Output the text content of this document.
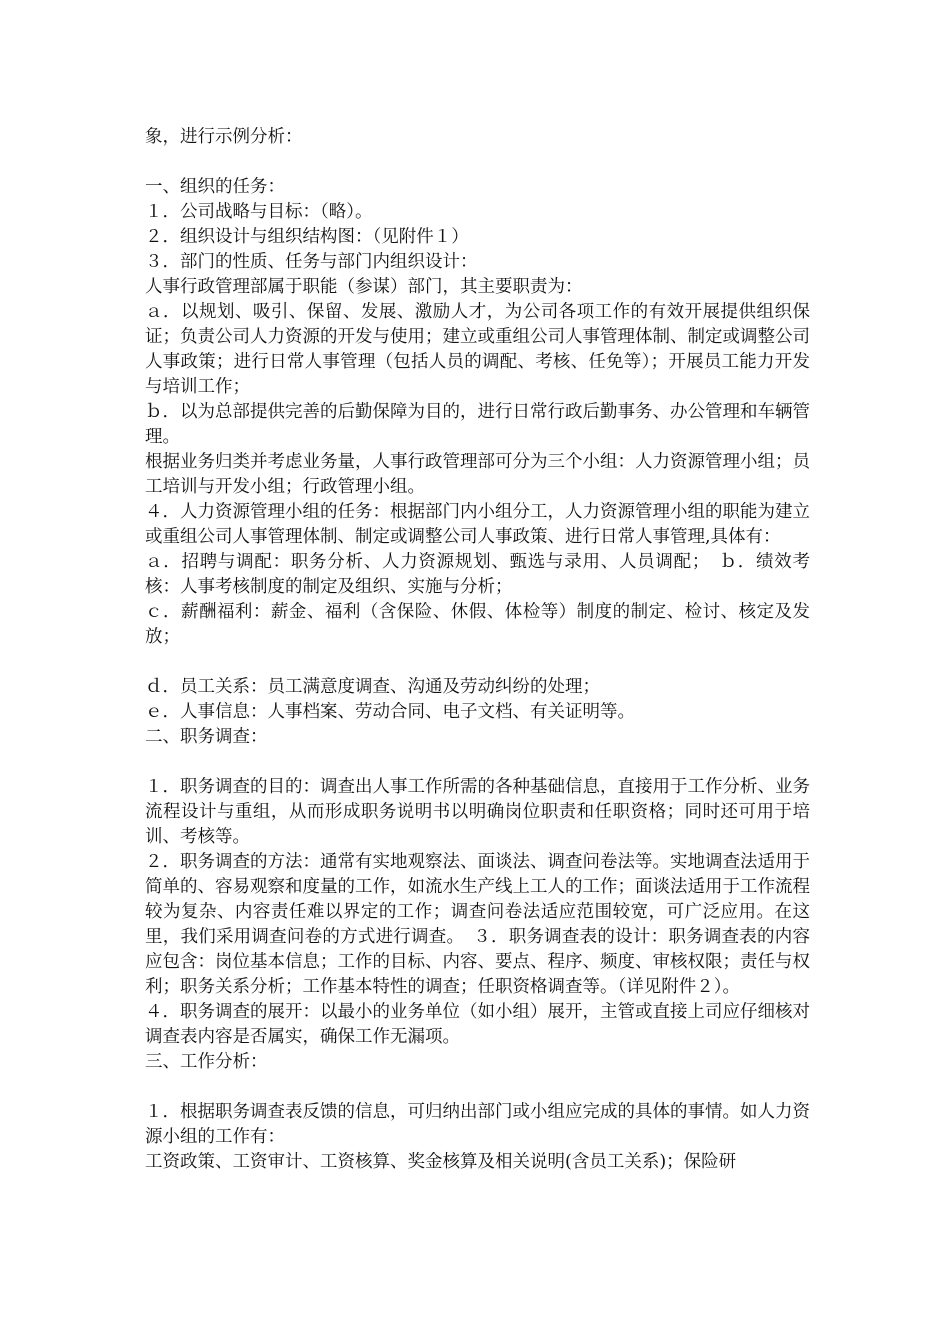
象，进行示例分析：
一、组织的任务：
１．公司战略与目标：（略）。
２．组织设计与组织结构图：（见附件１）
３．部门的性质、任务与部门内组织设计：
人事行政管理部属于职能（参谋）部门，其主要职责为：
ａ．以规划、吸引、保留、发展、激励人才，为公司各项工作的有效开展提供组织保证；负责公司人力资源的开发与使用；建立或重组公司人事管理体制、制定或调整公司人事政策；进行日常人事管理（包括人员的调配、考核、任免等）；开展员工能力开发与培训工作；
ｂ．以为总部提供完善的后勤保障为目的，进行日常行政后勤事务、办公管理和车辆管理。
根据业务归类并考虑业务量，人事行政管理部可分为三个小组：人力资源管理小组；员工培训与开发小组；行政管理小组。
４．人力资源管理小组的任务：根据部门内小组分工，人力资源管理小组的职能为建立或重组公司人事管理体制、制定或调整公司人事政策、进行日常人事管理,具体有：
ａ．招聘与调配：职务分析、人力资源规划、甄选与录用、人员调配；　ｂ．绩效考核：人事考核制度的制定及组织、实施与分析；
ｃ．薪酬福利：薪金、福利（含保险、休假、体检等）制度的制定、检讨、核定及发放；
ｄ．员工关系：员工满意度调查、沟通及劳动纠纷的处理；
ｅ．人事信息：人事档案、劳动合同、电子文档、有关证明等。
二、职务调查：
１．职务调查的目的：调查出人事工作所需的各种基础信息，直接用于工作分析、业务流程设计与重组，从而形成职务说明书以明确岗位职责和任职资格；同时还可用于培训、考核等。
２．职务调查的方法：通常有实地观察法、面谈法、调查问卷法等。实地调查法适用于简单的、容易观察和度量的工作，如流水生产线上工人的工作；面谈法适用于工作流程较为复杂、内容责任难以界定的工作；调查问卷法适应范围较宽，可广泛应用。在这里，我们采用调查问卷的方式进行调查。　３．职务调查表的设计：职务调查表的内容应包含：岗位基本信息；工作的目标、内容、要点、程序、频度、审核权限；责任与权利；职务关系分析；工作基本特性的调查；任职资格调查等。（详见附件２）。
４．职务调查的展开：以最小的业务单位（如小组）展开，主管或直接上司应仔细核对调查表内容是否属实，确保工作无漏项。
三、工作分析：
１．根据职务调查表反馈的信息，可归纳出部门或小组应完成的具体的事情。如人力资源小组的工作有：
工资政策、工资审计、工资核算、奖金核算及相关说明(含员工关系)；保险研
